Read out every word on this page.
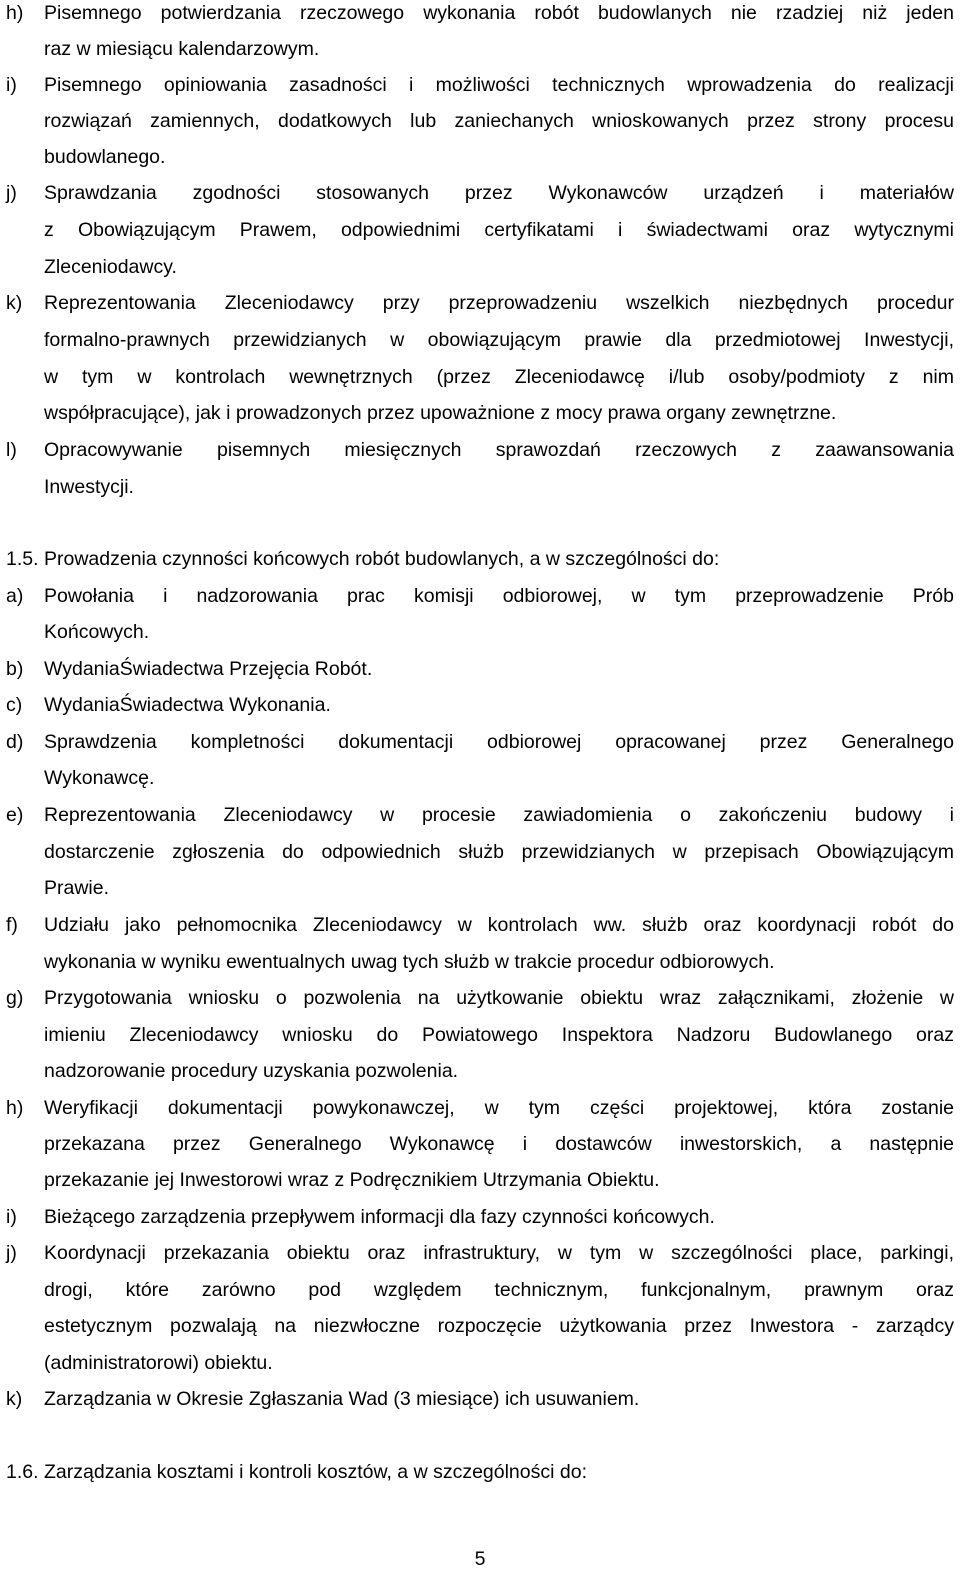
h) Pisemnego potwierdzania rzeczowego wykonania robót budowlanych nie rzadziej niż jeden
raz w miesiącu kalendarzowym.
i) Pisemnego opiniowania zasadności i możliwości technicznych wprowadzenia do realizacji
rozwiązań zamiennych, dodatkowych lub zaniechanych wnioskowanych przez strony procesu
budowlanego.
j) Sprawdzania zgodności stosowanych przez Wykonawców urządzeń i materiałów
z Obowiązującym Prawem, odpowiednimi certyfikatami i świadectwami oraz wytycznymi
Zleceniodawcy.
k) Reprezentowania Zleceniodawcy przy przeprowadzeniu wszelkich niezbędnych procedur
formalno-prawnych przewidzianych w obowiązującym prawie dla przedmiotowej Inwestycji,
w tym w kontrolach wewnętrznych (przez Zleceniodawcę i/lub osoby/podmioty z nim
współpracujące), jak i prowadzonych przez upoważnione z mocy prawa organy zewnętrzne.
l) Opracowywanie pisemnych miesięcznych sprawozdań rzeczowych z zaawansowania
Inwestycji.
1.5. Prowadzenia czynności końcowych robót budowlanych, a w szczególności do:
a) Powołania i nadzorowania prac komisji odbiorowej, w tym przeprowadzenie Prób
Końcowych.
b) WydaniaŚwiadectwa Przejęcia Robót.
c) WydaniaŚwiadectwa Wykonania.
d) Sprawdzenia kompletności dokumentacji odbiorowej opracowanej przez Generalnego
Wykonawcę.
e) Reprezentowania Zleceniodawcy w procesie zawiadomienia o zakończeniu budowy i
dostarczenie zgłoszenia do odpowiednich służb przewidzianych w przepisach Obowiązującym
Prawie.
f) Udziału jako pełnomocnika Zleceniodawcy w kontrolach ww. służb oraz koordynacji robót do
wykonania w wyniku ewentualnych uwag tych służb w trakcie procedur odbiorowych.
g) Przygotowania wniosku o pozwolenia na użytkowanie obiektu wraz załącznikami, złożenie w
imieniu Zleceniodawcy wniosku do Powiatowego Inspektora Nadzoru Budowlanego oraz
nadzorowanie procedury uzyskania pozwolenia.
h) Weryfikacji dokumentacji powykonawczej, w tym części projektowej, która zostanie
przekazana przez Generalnego Wykonawcę i dostawców inwestorskich, a następnie
przekazanie jej Inwestorowi wraz z Podręcznikiem Utrzymania Obiektu.
i) Bieżącego zarządzenia przepływem informacji dla fazy czynności końcowych.
j) Koordynacji przekazania obiektu oraz infrastruktury, w tym w szczególności place, parkingi,
drogi, które zarówno pod względem technicznym, funkcjonalnym, prawnym oraz
estetycznym pozwalają na niezwłoczne rozpoczęcie użytkowania przez Inwestora - zarządcy
(administratorowi) obiektu.
k) Zarządzania w Okresie Zgłaszania Wad (3 miesiące) ich usuwaniem.
1.6. Zarządzania kosztami i kontroli kosztów, a w szczególności do:
5
